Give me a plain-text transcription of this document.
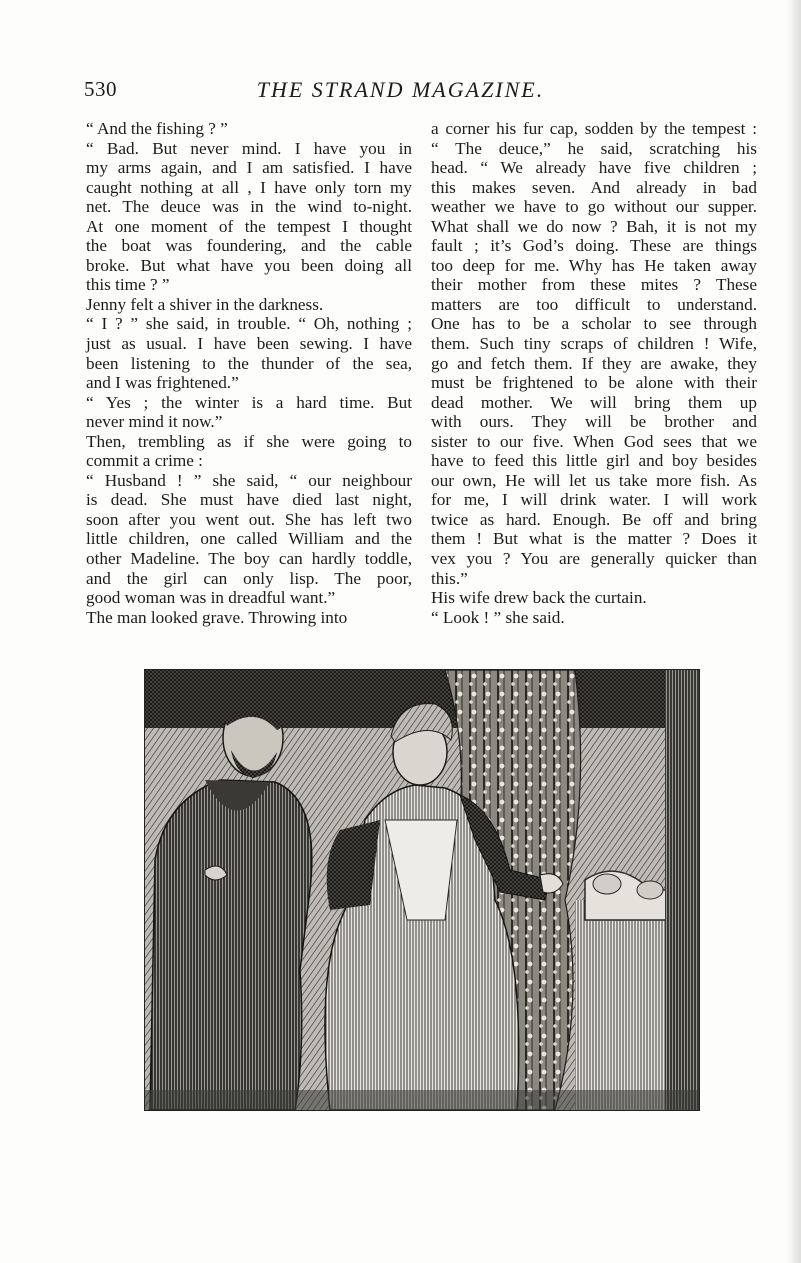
530	THE STRAND MAGAZINE.
“ And the fishing ? ”
“ Bad. But never mind. I have you in
my arms again, and I am satisfied. I have
caught nothing at all , I have only torn my
net. The deuce was in the wind to-night.
At one moment of the tempest I thought
the boat was foundering, and the cable
broke. But what have you been doing all
this time ? ”
Jenny felt a shiver in the darkness.
“ I ? ” she said, in trouble. “ Oh, nothing ;
just as usual. I have been sewing. I have
been listening to the thunder of the sea,
and I was frightened.”
“ Yes ; the winter is a hard time. But
never mind it now.”
Then, trembling as if she were going to
commit a crime :
“ Husband ! ” she said, “ our neighbour
is dead. She must have died last night,
soon after you went out. She has left two
little children, one called William and the
other Madeline. The boy can hardly toddle,
and the girl can only lisp. The poor,
good woman was in dreadful want.”
The man looked grave. Throwing into
a corner his fur cap, sodden by the tempest :
“ The deuce,” he said, scratching his
head. “ We already have five children ;
this makes seven. And already in bad
weather we have to go without our supper.
What shall we do now ? Bah, it is not my
fault ; it’s God’s doing. These are things
too deep for me. Why has He taken away
their mother from these mites ? These
matters are too difficult to understand.
One has to be a scholar to see through
them. Such tiny scraps of children ! Wife,
go and fetch them. If they are awake, they
must be frightened to be alone with their
dead mother. We will bring them up
with ours. They will be brother and
sister to our five. When God sees that we
have to feed this little girl and boy besides
our own, He will let us take more fish. As
for me, I will drink water. I will work
twice as hard. Enough. Be off and bring
them ! But what is the matter ? Does it
vex you ? You are generally quicker than
this.”
His wife drew back the curtain.
“ Look ! ” she said.
